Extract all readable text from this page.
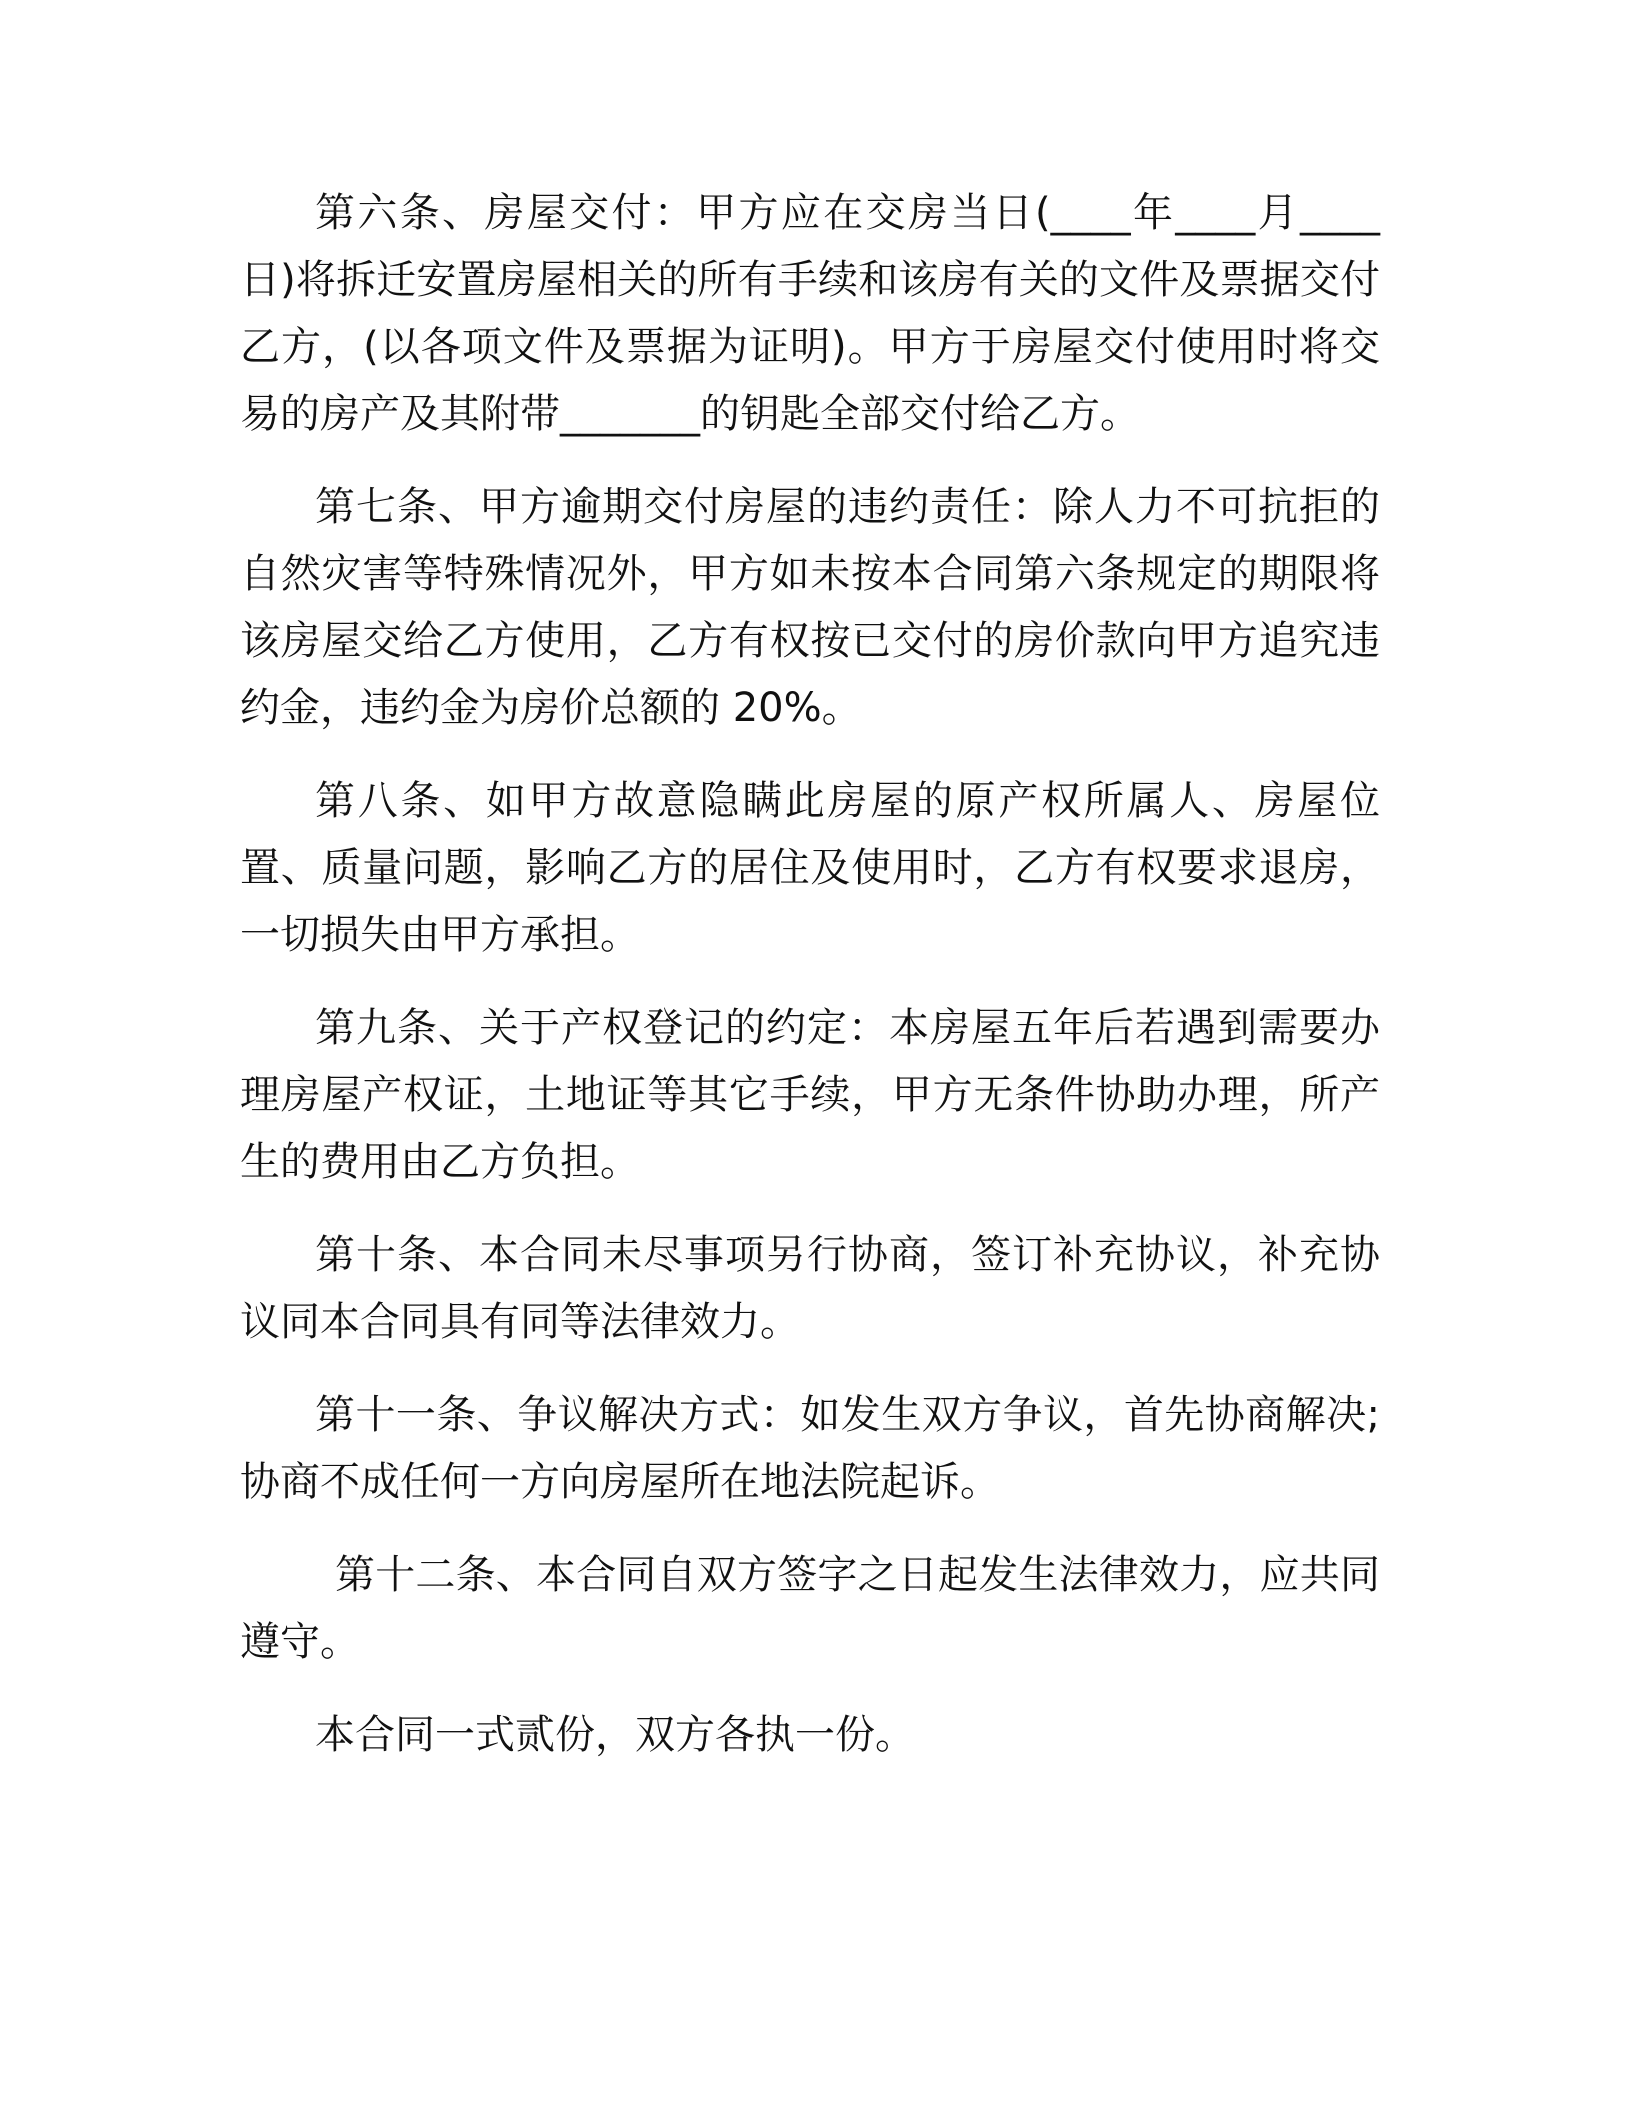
第六条、房屋交付：甲方应在交房当日(____年____月____日)将拆迁安置房屋相关的所有手续和该房有关的文件及票据交付乙方，(以各项文件及票据为证明)。甲方于房屋交付使用时将交易的房产及其附带_______的钥匙全部交付给乙方。

第七条、甲方逾期交付房屋的违约责任：除人力不可抗拒的自然灾害等特殊情况外，甲方如未按本合同第六条规定的期限将该房屋交给乙方使用，乙方有权按已交付的房价款向甲方追究违约金，违约金为房价总额的 20%。

第八条、如甲方故意隐瞒此房屋的原产权所属人、房屋位置、质量问题，影响乙方的居住及使用时，乙方有权要求退房，一切损失由甲方承担。

第九条、关于产权登记的约定：本房屋五年后若遇到需要办理房屋产权证，土地证等其它手续，甲方无条件协助办理，所产生的费用由乙方负担。

第十条、本合同未尽事项另行协商，签订补充协议，补充协议同本合同具有同等法律效力。

第十一条、争议解决方式：如发生双方争议，首先协商解决;协商不成任何一方向房屋所在地法院起诉。

第十二条、本合同自双方签字之日起发生法律效力，应共同遵守。

本合同一式贰份，双方各执一份。
